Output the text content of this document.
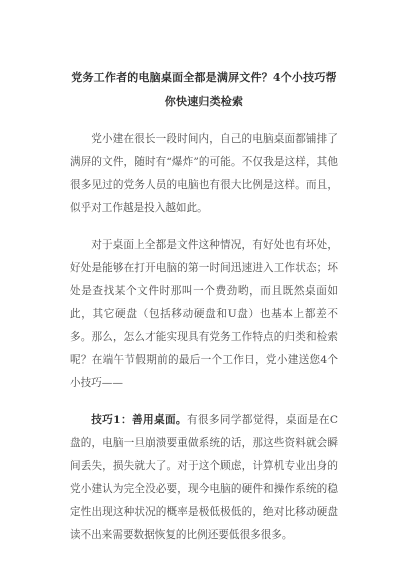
党务工作者的电脑桌面全都是满屏文件？4个小技巧帮你快速归类检索

党小建在很长一段时间内，自己的电脑桌面都铺排了满屏的文件，随时有“爆炸”的可能。不仅我是这样，其他很多见过的党务人员的电脑也有很大比例是这样。而且，似乎对工作越是投入越如此。

对于桌面上全都是文件这种情况，有好处也有坏处，好处是能够在打开电脑的第一时间迅速进入工作状态；坏处是查找某个文件时那叫一个费劲哟，而且既然桌面如此，其它硬盘（包括移动硬盘和U盘）也基本上都差不多。那么，怎么才能实现具有党务工作特点的归类和检索呢？在端午节假期前的最后一个工作日，党小建送您4个小技巧——

技巧1：善用桌面。有很多同学都觉得，桌面是在C盘的，电脑一旦崩溃要重做系统的话，那这些资料就会瞬间丢失，损失就大了。对于这个顾虑，计算机专业出身的党小建认为完全没必要，现今电脑的硬件和操作系统的稳定性出现这种状况的概率是极低极低的，绝对比移动硬盘读不出来需要数据恢复的比例还要低很多很多。
